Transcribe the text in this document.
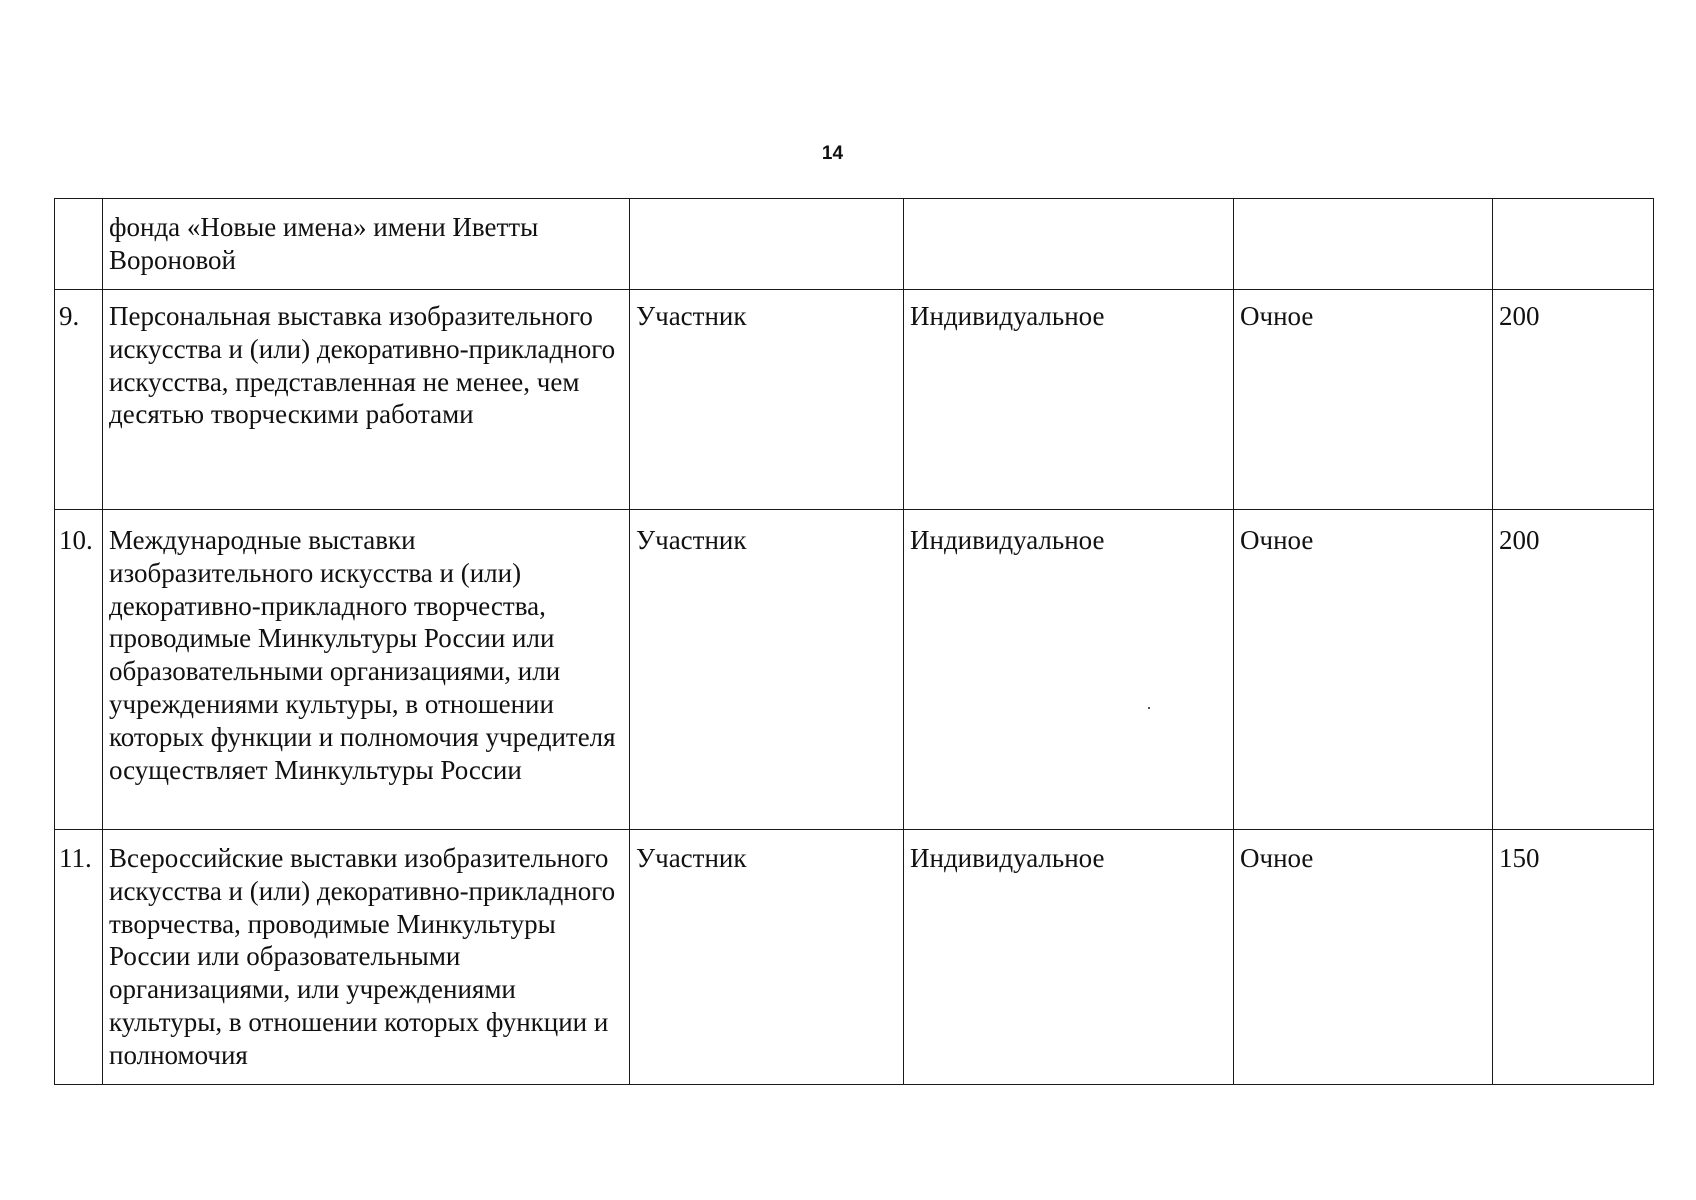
14
	фонда «Новые имена» имени Иветты Вороновой				
9.	Персональная выставка изобразительного искусства и (или) декоративно-прикладного искусства, представленная не менее, чем десятью творческими работами	Участник	Индивидуальное	Очное	200
10.	Международные выставки изобразительного искусства и (или) декоративно-прикладного творчества, проводимые Минкультуры России или образовательными организациями, или учреждениями культуры, в отношении которых функции и полномочия учредителя осуществляет Минкультуры России	Участник	Индивидуальное	Очное	200
11.	Всероссийские выставки изобразительного искусства и (или) декоративно-прикладного творчества, проводимые Минкультуры России или образовательными организациями, или учреждениями культуры, в отношении которых функции и полномочия	Участник	Индивидуальное	Очное	150
